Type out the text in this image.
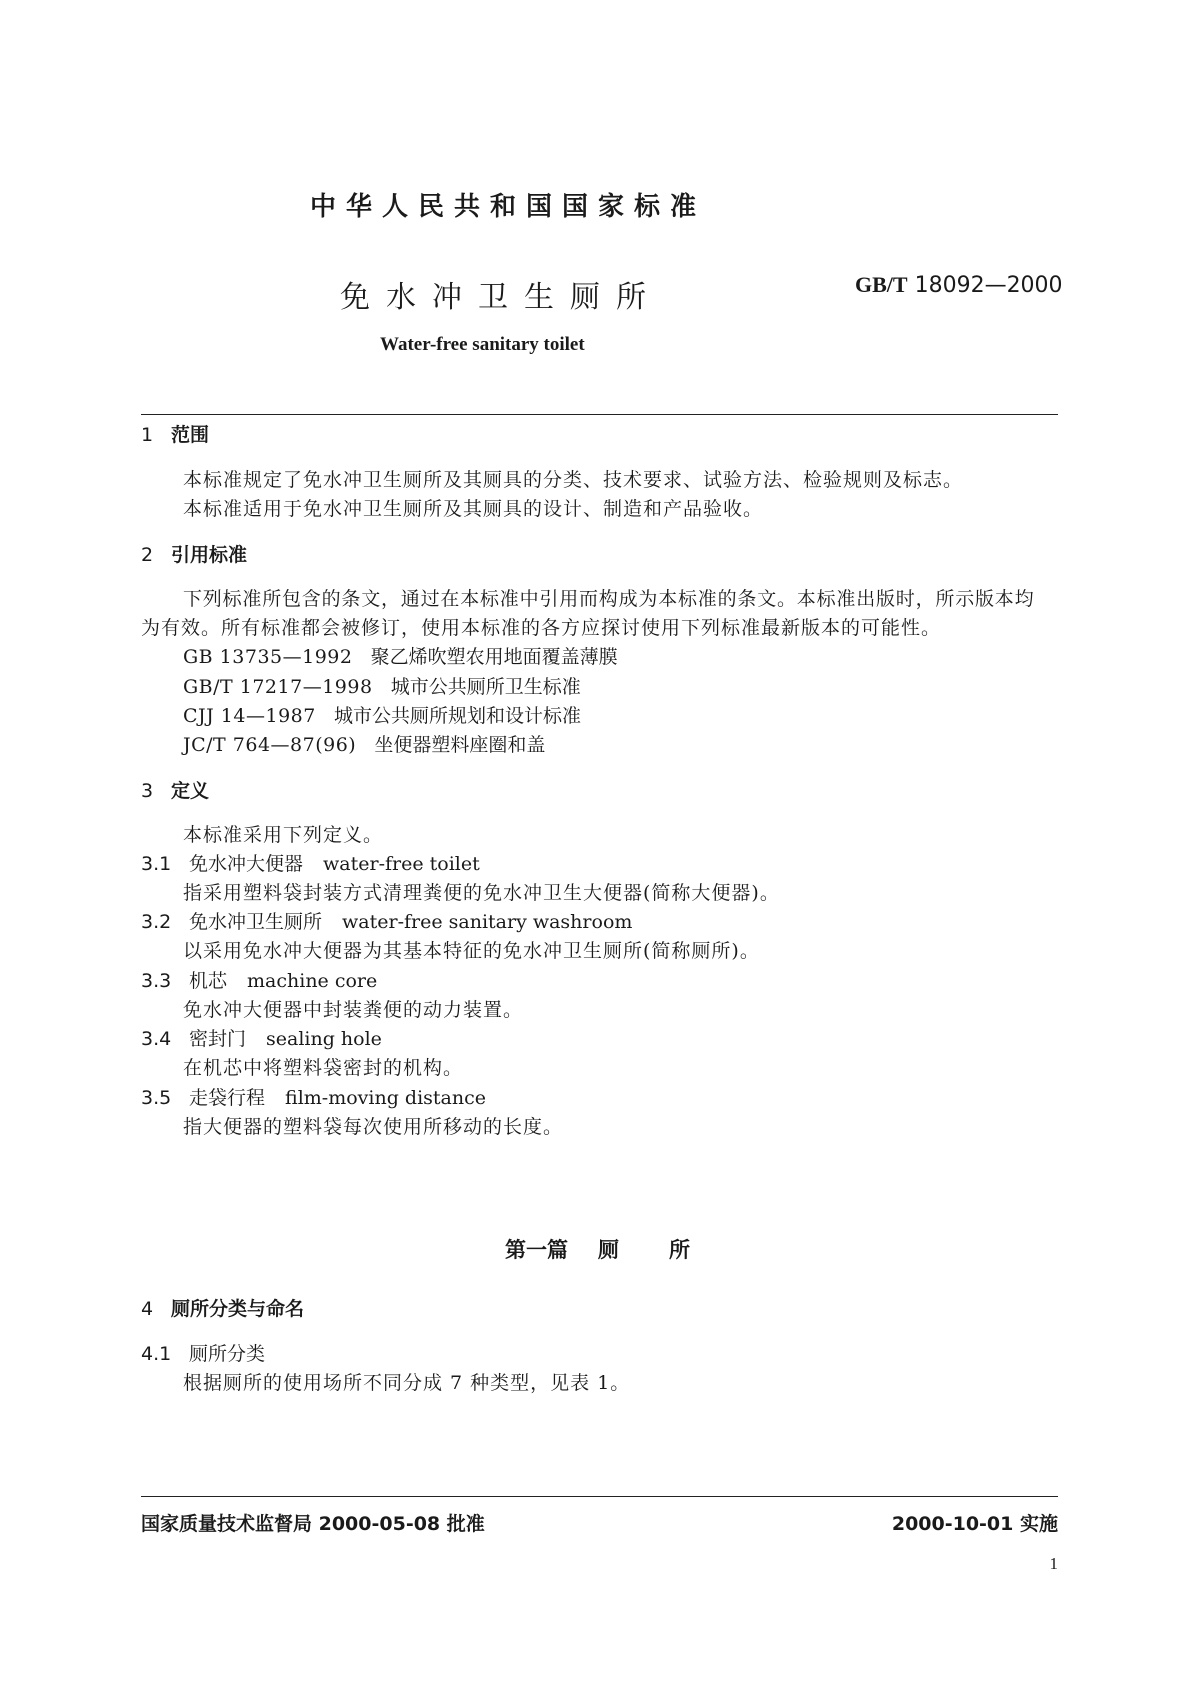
中华人民共和国国家标准
免水冲卫生厕所	GB/T 18092—2000
Water-free sanitary toilet
1 范围
本标准规定了免水冲卫生厕所及其厕具的分类、技术要求、试验方法、检验规则及标志。
本标准适用于免水冲卫生厕所及其厕具的设计、制造和产品验收。
2 引用标准
下列标准所包含的条文，通过在本标准中引用而构成为本标准的条文。本标准出版时，所示版本均
为有效。所有标准都会被修订，使用本标准的各方应探讨使用下列标准最新版本的可能性。
GB 13735—1992 聚乙烯吹塑农用地面覆盖薄膜
GB/T 17217—1998 城市公共厕所卫生标准
CJJ 14—1987 城市公共厕所规划和设计标准
JC/T 764—87(96) 坐便器塑料座圈和盖
3 定义
本标准采用下列定义。
3.1 免水冲大便器 water-free toilet
指采用塑料袋封装方式清理粪便的免水冲卫生大便器(简称大便器)。
3.2 免水冲卫生厕所 water-free sanitary washroom
以采用免水冲大便器为其基本特征的免水冲卫生厕所(简称厕所)。
3.3 机芯 machine core
免水冲大便器中封装粪便的动力装置。
3.4 密封门 sealing hole
在机芯中将塑料袋密封的机构。
3.5 走袋行程 film-moving distance
指大便器的塑料袋每次使用所移动的长度。
第一篇 厕 所
4 厕所分类与命名
4.1 厕所分类
根据厕所的使用场所不同分成 7 种类型，见表 1。
国家质量技术监督局 2000-05-08 批准	2000-10-01 实施
1
